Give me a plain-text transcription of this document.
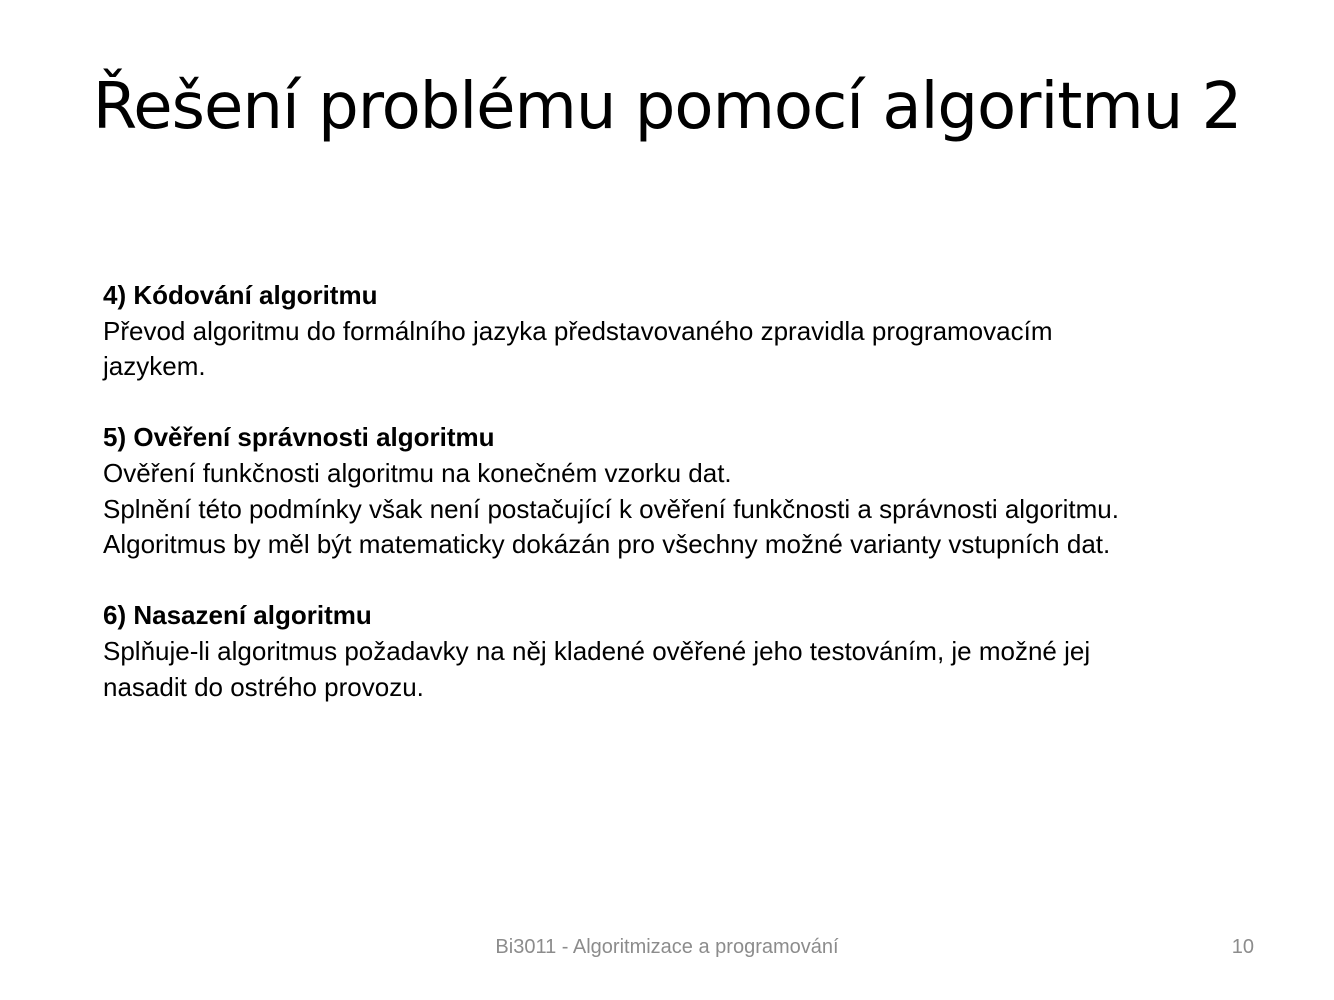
Řešení problému pomocí algoritmu 2
4) Kódování algoritmu
Převod algoritmu do formálního jazyka představovaného zpravidla programovacím
jazykem.
5) Ověření správnosti algoritmu
Ověření funkčnosti algoritmu na konečném vzorku dat.
Splnění této podmínky však není postačující k ověření funkčnosti a správnosti algoritmu.
Algoritmus by měl být matematicky dokázán pro všechny možné varianty vstupních dat.
6) Nasazení algoritmu
Splňuje-li algoritmus požadavky na něj kladené ověřené jeho testováním, je možné jej
nasadit do ostrého provozu.
Bi3011 - Algoritmizace a programování	10
